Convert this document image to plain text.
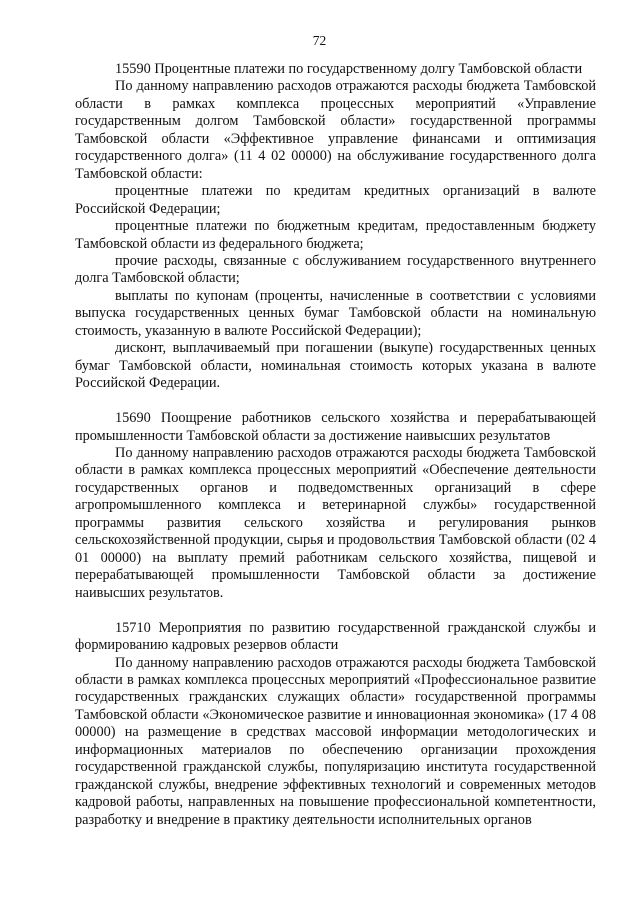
72

15590 Процентные платежи по государственному долгу Тамбовской области

По данному направлению расходов отражаются расходы бюджета Тамбовской области в рамках комплекса процессных мероприятий «Управление государственным долгом Тамбовской области» государственной программы Тамбовской области «Эффективное управление финансами и оптимизация государственного долга» (11 4 02 00000) на обслуживание государственного долга Тамбовской области:

процентные платежи по кредитам кредитных организаций в валюте Российской Федерации;

процентные платежи по бюджетным кредитам, предоставленным бюджету Тамбовской области из федерального бюджета;

прочие расходы, связанные с обслуживанием государственного внутреннего долга Тамбовской области;

выплаты по купонам (проценты, начисленные в соответствии с условиями выпуска государственных ценных бумаг Тамбовской области на номинальную стоимость, указанную в валюте Российской Федерации);

дисконт, выплачиваемый при погашении (выкупе) государственных ценных бумаг Тамбовской области, номинальная стоимость которых указана в валюте Российской Федерации.

15690 Поощрение работников сельского хозяйства и перерабатывающей промышленности Тамбовской области за достижение наивысших результатов

По данному направлению расходов отражаются расходы бюджета Тамбовской области в рамках комплекса процессных мероприятий «Обеспечение деятельности государственных органов и подведомственных организаций в сфере агропромышленного комплекса и ветеринарной службы» государственной программы развития сельского хозяйства и регулирования рынков сельскохозяйственной продукции, сырья и продовольствия Тамбовской области (02 4 01 00000) на выплату премий работникам сельского хозяйства, пищевой и перерабатывающей промышленности Тамбовской области за достижение наивысших результатов.

15710 Мероприятия по развитию государственной гражданской службы и формированию кадровых резервов области

По данному направлению расходов отражаются расходы бюджета Тамбовской области в рамках комплекса процессных мероприятий «Профессиональное развитие государственных гражданских служащих области» государственной программы Тамбовской области «Экономическое развитие и инновационная экономика» (17 4 08 00000) на размещение в средствах массовой информации методологических и информационных материалов по обеспечению организации прохождения государственной гражданской службы, популяризацию института государственной гражданской службы, внедрение эффективных технологий и современных методов кадровой работы, направленных на повышение профессиональной компетентности, разработку и внедрение в практику деятельности исполнительных органов
